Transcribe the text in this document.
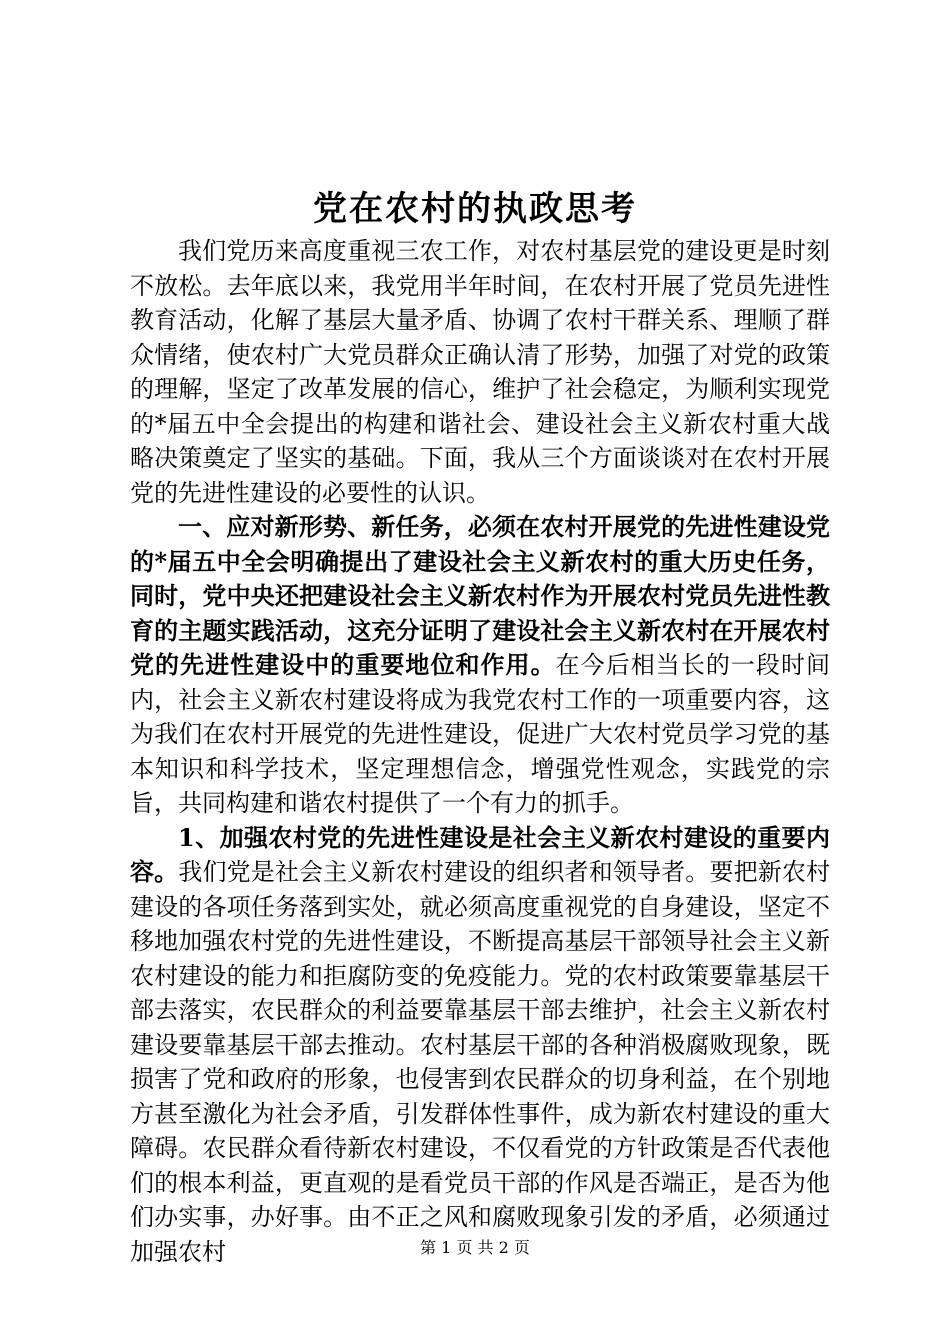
党在农村的执政思考

我们党历来高度重视三农工作，对农村基层党的建设更是时刻不放松。去年底以来，我党用半年时间，在农村开展了党员先进性教育活动，化解了基层大量矛盾、协调了农村干群关系、理顺了群众情绪，使农村广大党员群众正确认清了形势，加强了对党的政策的理解，坚定了改革发展的信心，维护了社会稳定，为顺利实现党的*届五中全会提出的构建和谐社会、建设社会主义新农村重大战略决策奠定了坚实的基础。下面，我从三个方面谈谈对在农村开展党的先进性建设的必要性的认识。

一、应对新形势、新任务，必须在农村开展党的先进性建设党的*届五中全会明确提出了建设社会主义新农村的重大历史任务，同时，党中央还把建设社会主义新农村作为开展农村党员先进性教育的主题实践活动，这充分证明了建设社会主义新农村在开展农村党的先进性建设中的重要地位和作用。在今后相当长的一段时间内，社会主义新农村建设将成为我党农村工作的一项重要内容，这为我们在农村开展党的先进性建设，促进广大农村党员学习党的基本知识和科学技术，坚定理想信念，增强党性观念，实践党的宗旨，共同构建和谐农村提供了一个有力的抓手。

1、加强农村党的先进性建设是社会主义新农村建设的重要内容。我们党是社会主义新农村建设的组织者和领导者。要把新农村建设的各项任务落到实处，就必须高度重视党的自身建设，坚定不移地加强农村党的先进性建设，不断提高基层干部领导社会主义新农村建设的能力和拒腐防变的免疫能力。党的农村政策要靠基层干部去落实，农民群众的利益要靠基层干部去维护，社会主义新农村建设要靠基层干部去推动。农村基层干部的各种消极腐败现象，既损害了党和政府的形象，也侵害到农民群众的切身利益，在个别地方甚至激化为社会矛盾，引发群体性事件，成为新农村建设的重大障碍。农民群众看待新农村建设，不仅看党的方针政策是否代表他们的根本利益，更直观的是看党员干部的作风是否端正，是否为他们办实事，办好事。由不正之风和腐败现象引发的矛盾，必须通过加强农村	第 1 页 共 2 页
